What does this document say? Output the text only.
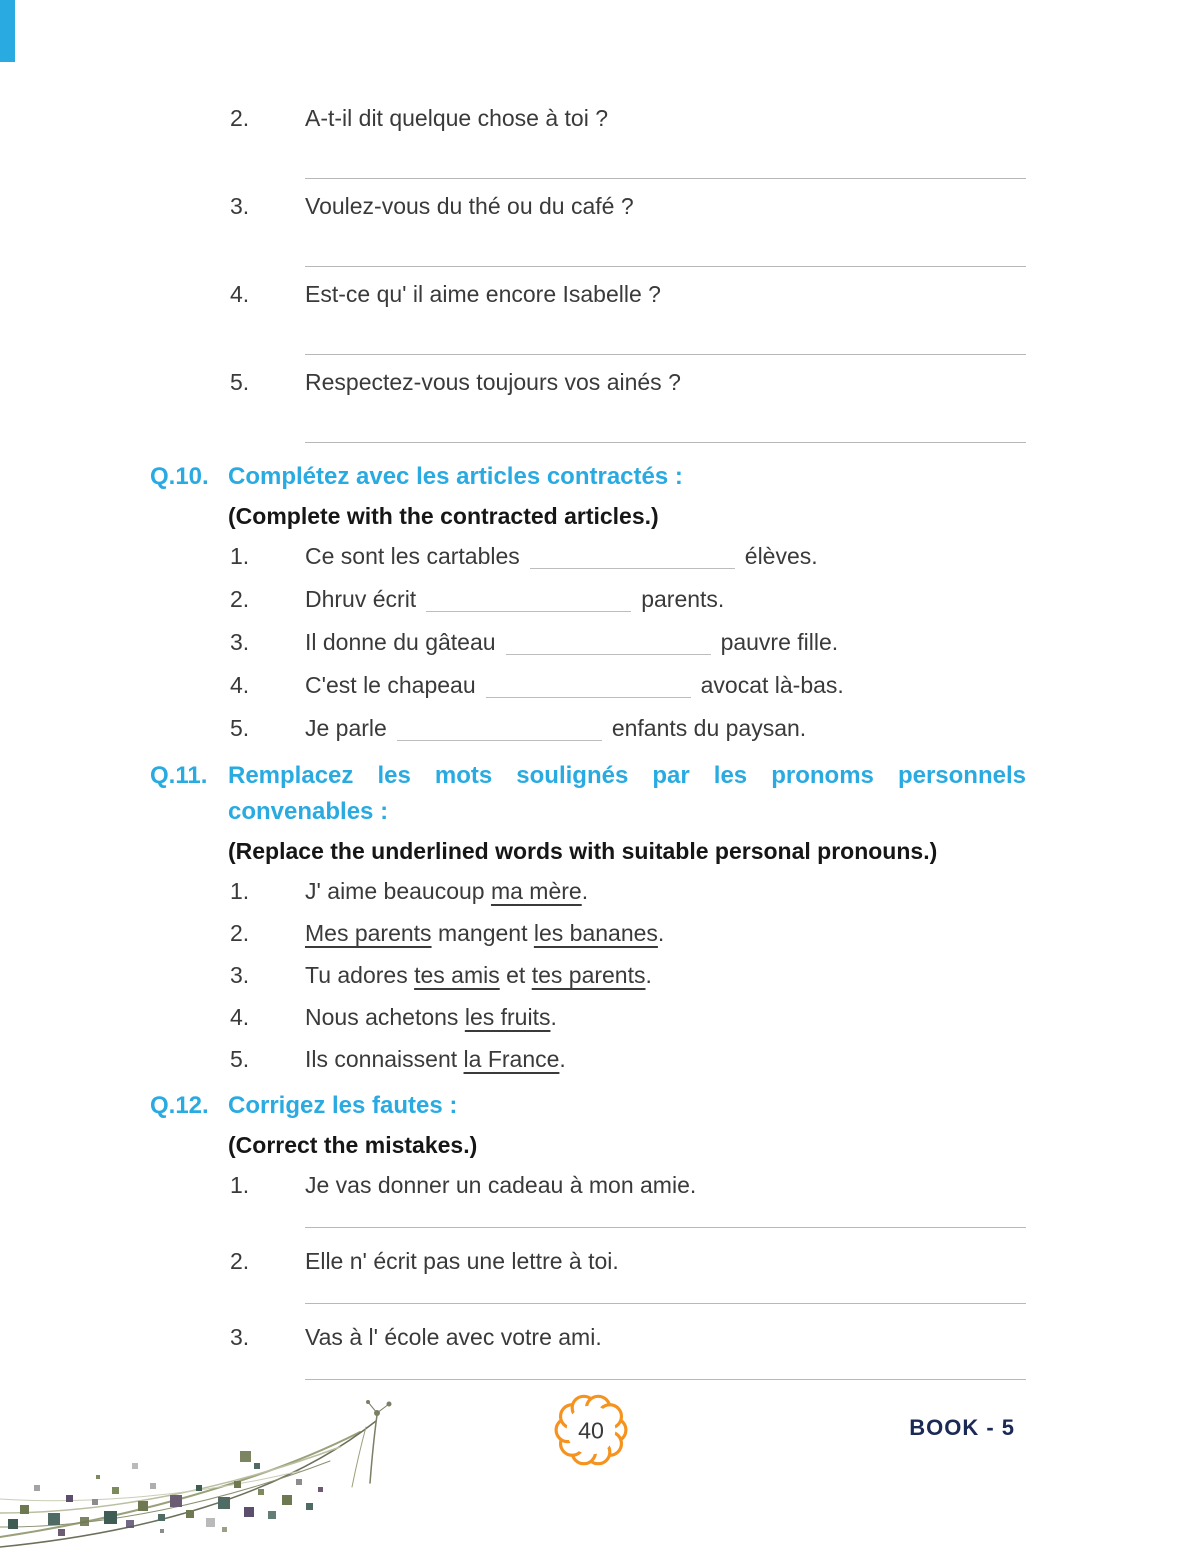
2.	A-t-il dit quelque chose à toi ?
3.	Voulez-vous du thé ou du café ?
4.	Est-ce qu' il aime encore Isabelle ?
5.	Respectez-vous toujours vos ainés ?
Q.10. Complétez avec les articles contractés :
(Complete with the contracted articles.)
1.	Ce sont les cartables	élèves.
2.	Dhruv écrit	parents.
3.	Il donne du gâteau	pauvre fille.
4.	C'est le chapeau	avocat là-bas.
5.	Je parle	enfants du paysan.
Q.11. Remplacez les mots soulignés par les pronoms personnels convenables :
(Replace the underlined words with suitable personal pronouns.)
1.	J' aime beaucoup ma mère.
2.	Mes parents mangent les bananes.
3.	Tu adores tes amis et tes parents.
4.	Nous achetons les fruits.
5.	Ils connaissent la France.
Q.12. Corrigez les fautes :
(Correct the mistakes.)
1.	Je vas donner un cadeau à mon amie.
2.	Elle n' écrit pas une lettre à toi.
3.	Vas à l' école avec votre ami.
40	BOOK - 5
